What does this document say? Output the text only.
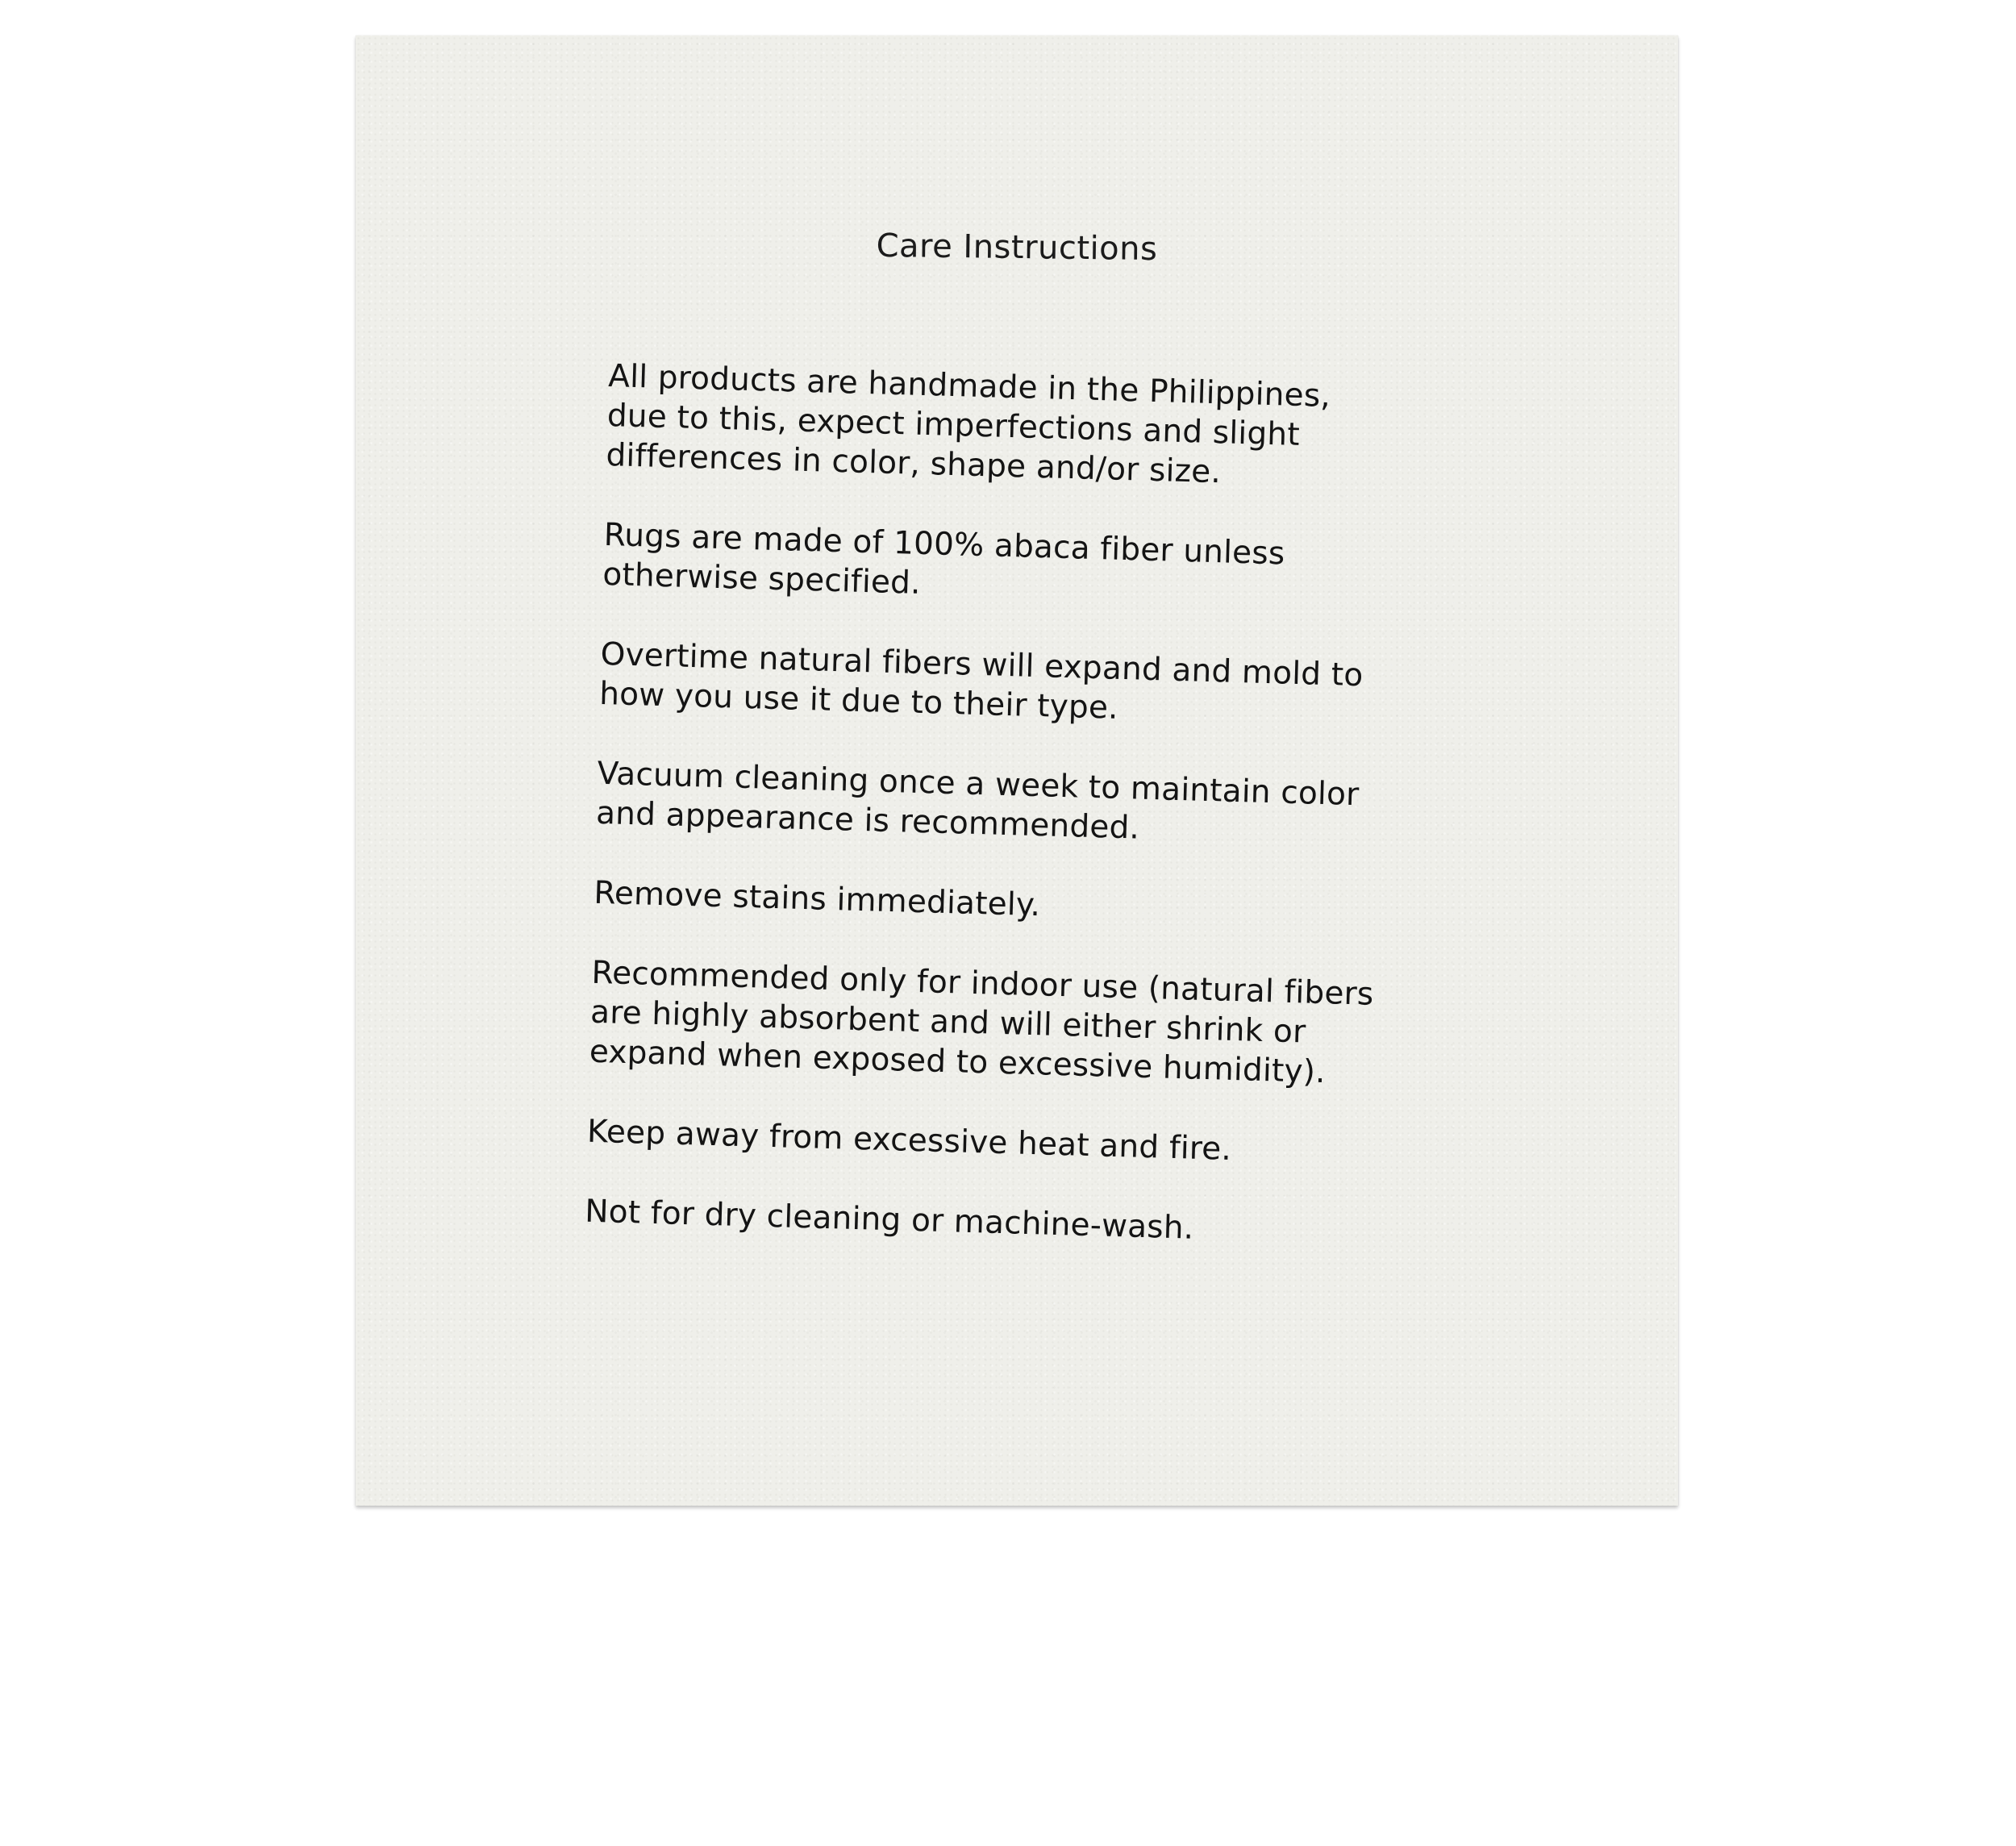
Care Instructions

All products are handmade in the Philippines,
due to this, expect imperfections and slight
differences in color, shape and/or size.

Rugs are made of 100% abaca fiber unless
otherwise specified.

Overtime natural fibers will expand and mold to
how you use it due to their type.

Vacuum cleaning once a week to maintain color
and appearance is recommended.

Remove stains immediately.

Recommended only for indoor use (natural fibers
are highly absorbent and will either shrink or
expand when exposed to excessive humidity).

Keep away from excessive heat and fire.

Not for dry cleaning or machine-wash.
